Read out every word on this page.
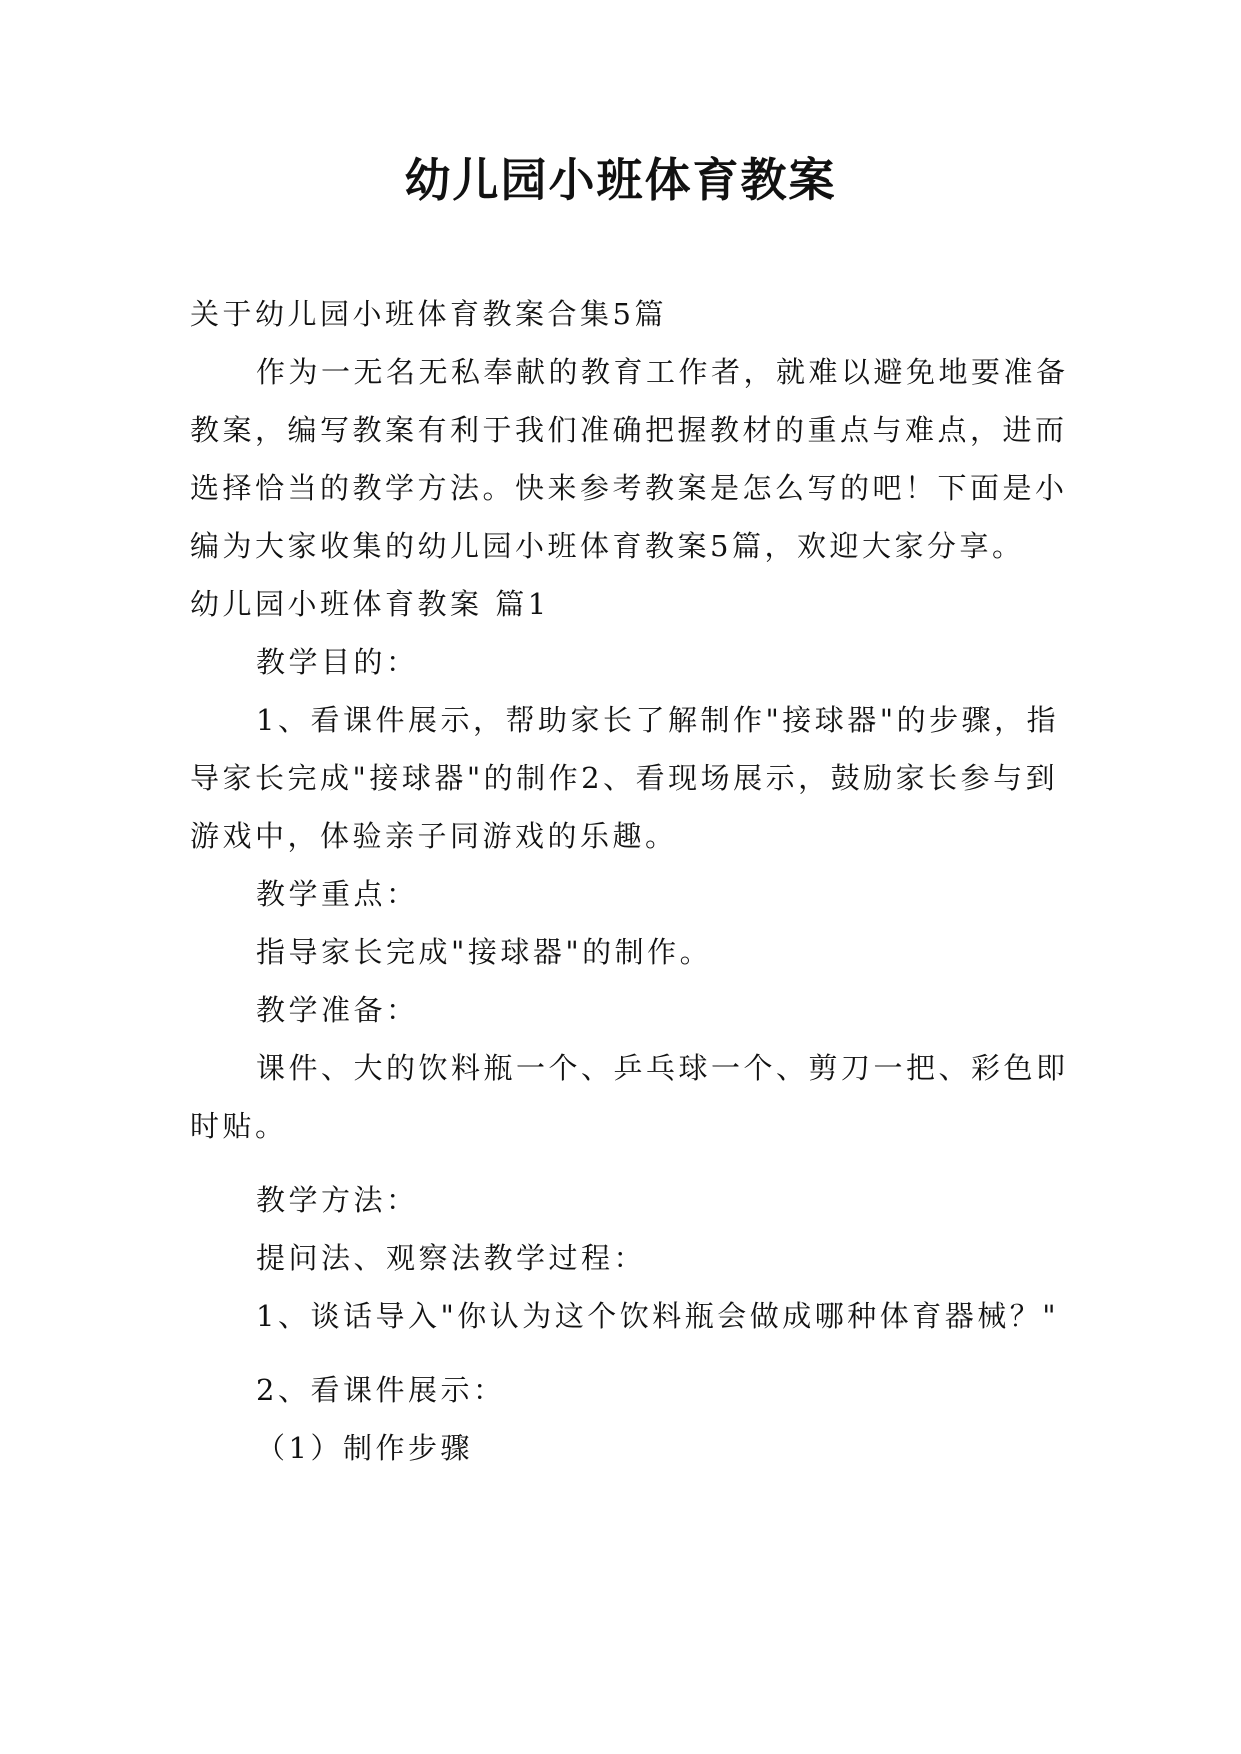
幼儿园小班体育教案

关于幼儿园小班体育教案合集5篇

作为一无名无私奉献的教育工作者，就难以避免地要准备教案，编写教案有利于我们准确把握教材的重点与难点，进而选择恰当的教学方法。快来参考教案是怎么写的吧！下面是小编为大家收集的幼儿园小班体育教案5篇，欢迎大家分享。

幼儿园小班体育教案 篇1

教学目的：

1、看课件展示，帮助家长了解制作"接球器"的步骤，指导家长完成"接球器"的制作2、看现场展示，鼓励家长参与到游戏中，体验亲子同游戏的乐趣。

教学重点：

指导家长完成"接球器"的制作。

教学准备：

课件、大的饮料瓶一个、乒乓球一个、剪刀一把、彩色即时贴。

教学方法：

提问法、观察法教学过程：

1、谈话导入"你认为这个饮料瓶会做成哪种体育器械？"

2、看课件展示：

（1）制作步骤
